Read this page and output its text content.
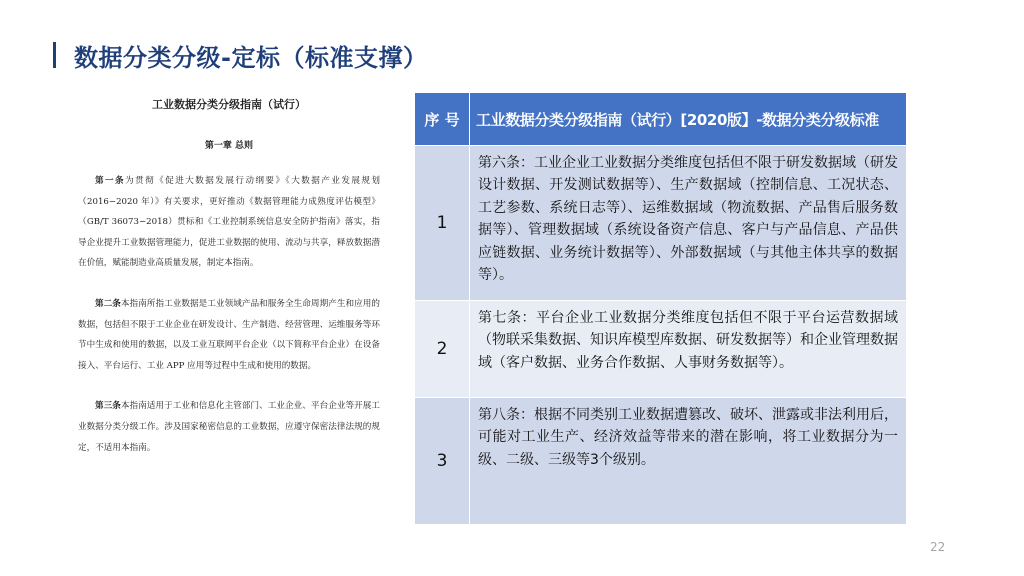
数据分类分级-定标（标准支撑）
工业数据分类分级指南（试行）
第一章 总则

第一条为贯彻《促进大数据发展行动纲要》《大数据产业发展规划（2016−2020 年）》有关要求，更好推动《数据管理能力成熟度评估模型》（GB/T 36073−2018）贯标和《工业控制系统信息安全防护指南》落实，指导企业提升工业数据管理能力，促进工业数据的使用、流动与共享，释放数据潜在价值，赋能制造业高质量发展，制定本指南。

第二条本指南所指工业数据是工业领域产品和服务全生命周期产生和应用的数据，包括但不限于工业企业在研发设计、生产制造、经营管理、运维服务等环节中生成和使用的数据，以及工业互联网平台企业（以下简称平台企业）在设备接入、平台运行、工业 APP 应用等过程中生成和使用的数据。

第三条本指南适用于工业和信息化主管部门、工业企业、平台企业等开展工业数据分类分级工作。涉及国家秘密信息的工业数据，应遵守保密法律法规的规定，不适用本指南。

序 号	工业数据分类分级指南（试行）[2020版】-数据分类分级标准
1	第六条：工业企业工业数据分类维度包括但不限于研发数据域（研发设计数据、开发测试数据等）、生产数据域（控制信息、工况状态、工艺参数、系统日志等）、运维数据域（物流数据、产品售后服务数据等）、管理数据域（系统设备资产信息、客户与产品信息、产品供应链数据、业务统计数据等）、外部数据域（与其他主体共享的数据等）。
2	第七条：平台企业工业数据分类维度包括但不限于平台运营数据域（物联采集数据、知识库模型库数据、研发数据等）和企业管理数据域（客户数据、业务合作数据、人事财务数据等）。
3	第八条：根据不同类别工业数据遭篡改、破坏、泄露或非法利用后，可能对工业生产、经济效益等带来的潜在影响，将工业数据分为一级、二级、三级等3个级别。
22
